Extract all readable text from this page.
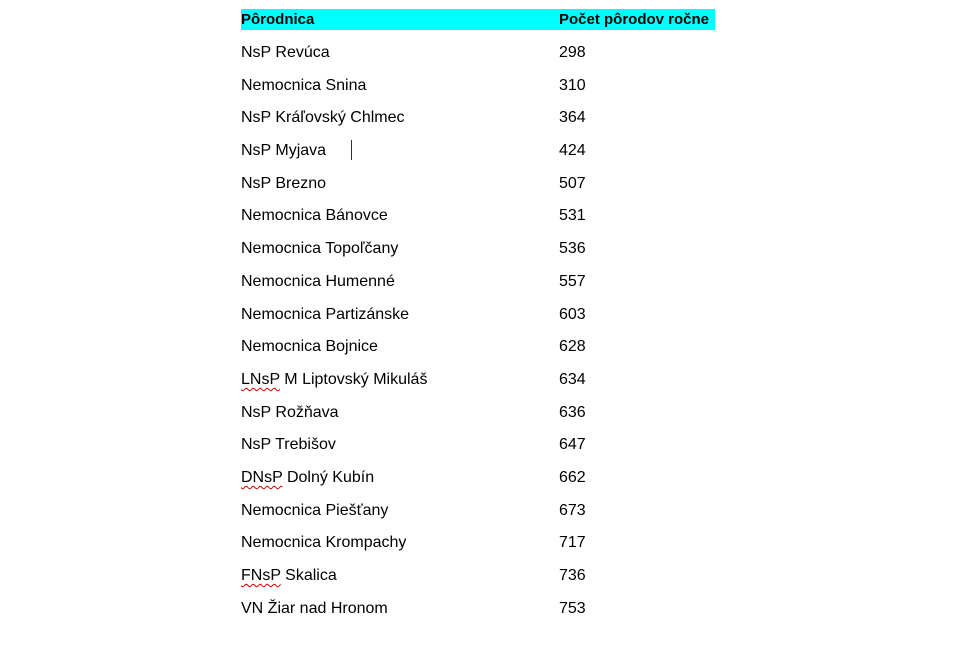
Pôrodnica	Počet pôrodov ročne
NsP Revúca	298
Nemocnica Snina	310
NsP Kráľovský Chlmec	364
NsP Myjava	424
NsP Brezno	507
Nemocnica Bánovce	531
Nemocnica Topoľčany	536
Nemocnica Humenné	557
Nemocnica Partizánske	603
Nemocnica Bojnice	628
LNsP M Liptovský Mikuláš	634
NsP Rožňava	636
NsP Trebišov	647
DNsP Dolný Kubín	662
Nemocnica Piešťany	673
Nemocnica Krompachy	717
FNsP Skalica	736
VN Žiar nad Hronom	753
